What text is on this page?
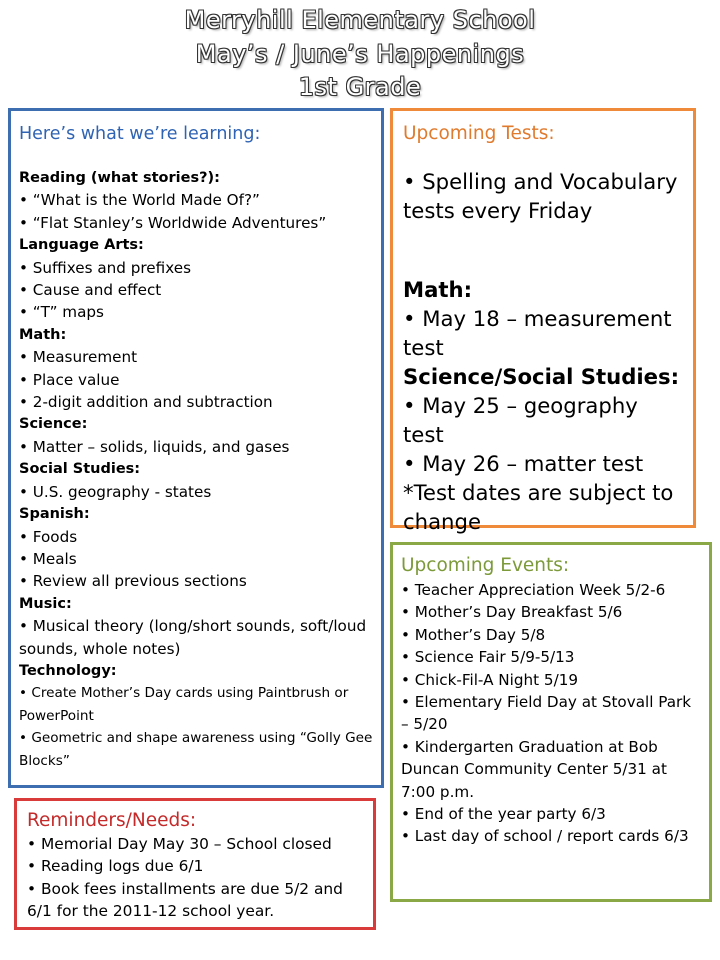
Merryhill Elementary School
May’s / June’s Happenings
1st Grade
Here’s what we’re learning:

Reading (what stories?):

• “What is the World Made Of?”

• “Flat Stanley’s Worldwide Adventures”

Language Arts:

• Suffixes and prefixes

• Cause and effect

• “T” maps

Math:

• Measurement

• Place value

• 2-digit addition and subtraction

Science:

• Matter – solids, liquids, and gases

Social Studies:

• U.S. geography - states

Spanish:

• Foods

• Meals

• Review all previous sections

Music:

• Musical theory (long/short sounds, soft/loud sounds, whole notes)

Technology:

• Create Mother’s Day cards using Paintbrush or PowerPoint

• Geometric and shape awareness using “Golly Gee Blocks”

Upcoming Tests:

• Spelling and Vocabulary tests every Friday

Math:

• May 18 – measurement test

Science/Social Studies:

• May 25 – geography test

• May 26 – matter test

*Test dates are subject to change

Upcoming Events:

• Teacher Appreciation Week 5/2-6

• Mother’s Day Breakfast 5/6

• Mother’s Day 5/8

• Science Fair 5/9-5/13

• Chick-Fil-A Night 5/19

• Elementary Field Day at Stovall Park – 5/20

• Kindergarten Graduation at Bob Duncan Community Center 5/31 at 7:00 p.m.

• End of the year party 6/3

• Last day of school / report cards 6/3

Reminders/Needs:

• Memorial Day May 30 – School closed

• Reading logs due 6/1

• Book fees installments are due 5/2 and 6/1 for the 2011-12 school year.
